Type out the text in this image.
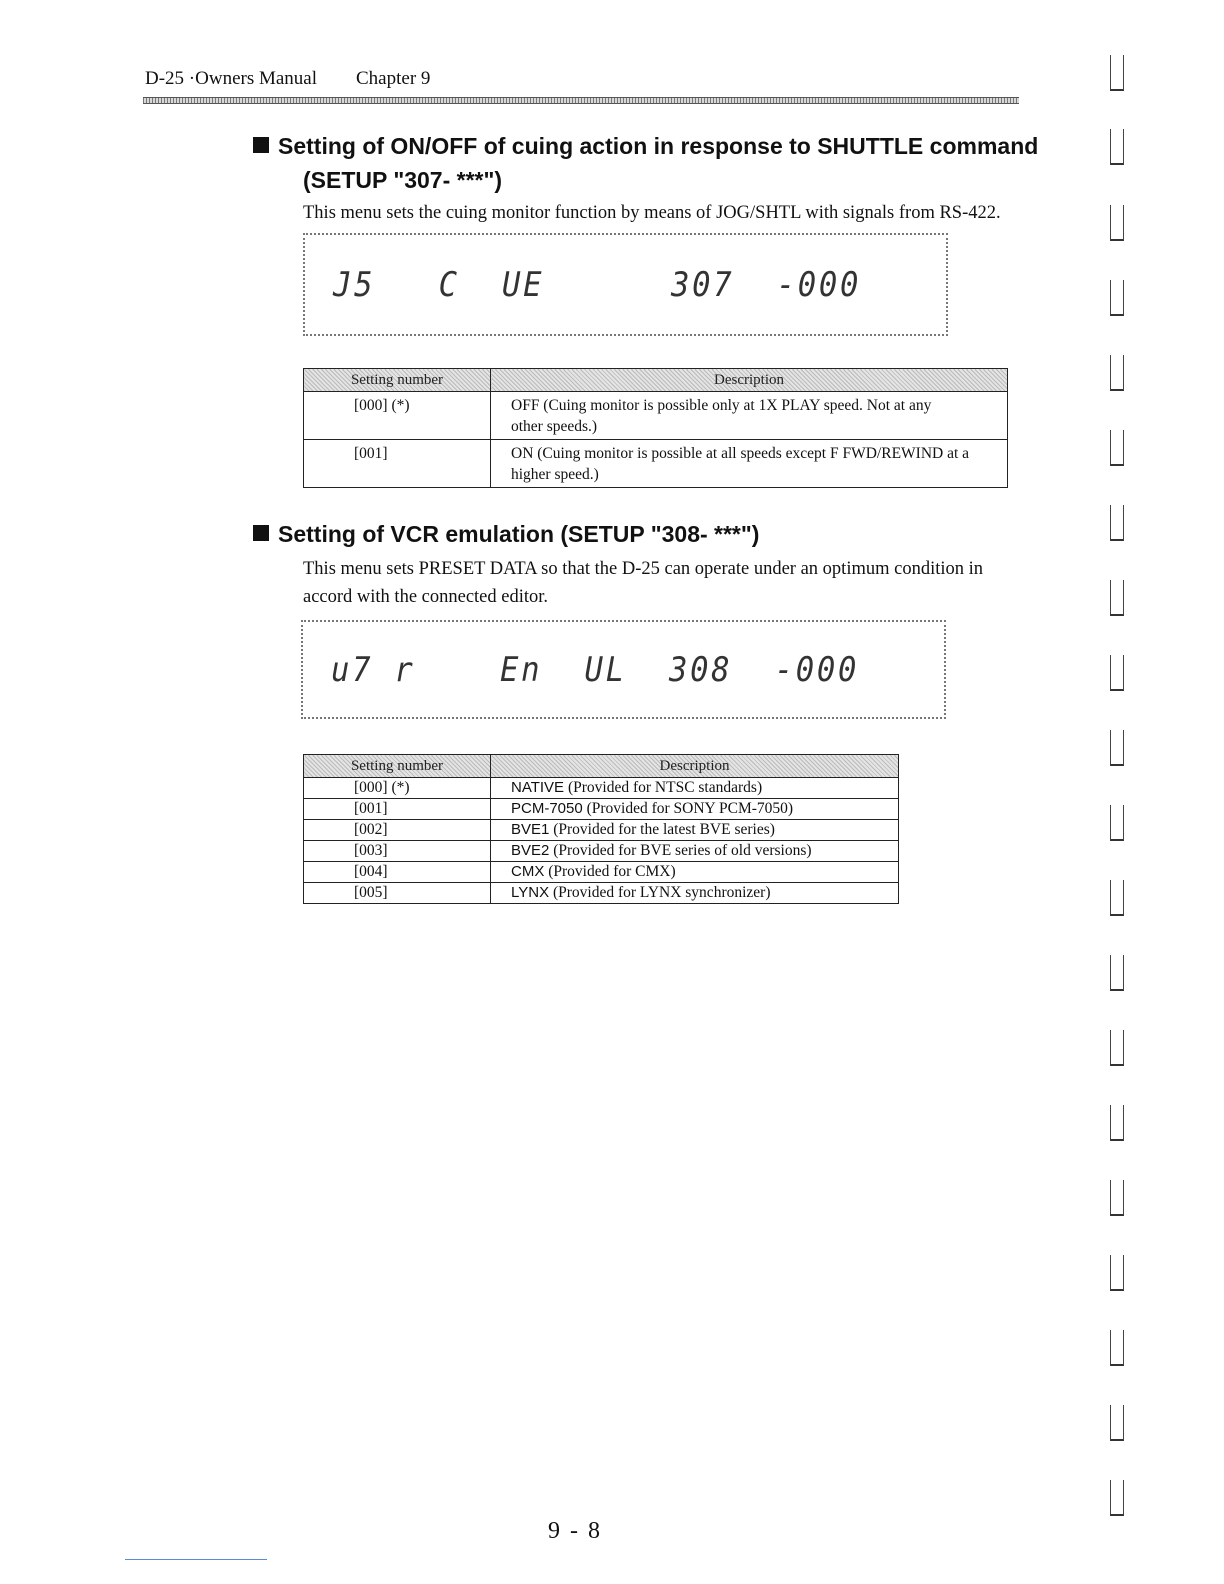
D-25 ·Owners Manual Chapter 9
Setting of ON/OFF of cuing action in response to SHUTTLE command
(SETUP "307- ***")
This menu sets the cuing monitor function by means of JOG/SHTL with signals from RS-422.
J5   C  UE      307  -000
Setting number	Description
[000] (*)	OFF (Cuing monitor is possible only at 1X PLAY speed. Not at any
other speeds.)

[001]	ON (Cuing monitor is possible at all speeds except F FWD/REWIND at a
higher speed.)
Setting of VCR emulation (SETUP "308- ***")
This menu sets PRESET DATA so that the D-25 can operate under an optimum condition in
accord with the connected editor.
u7 r    En  UL  308  -000
Setting number	Description
[000] (*)	NATIVE (Provided for NTSC standards)
[001]	PCM-7050 (Provided for SONY PCM-7050)
[002]	BVE1 (Provided for the latest BVE series)
[003]	BVE2 (Provided for BVE series of old versions)
[004]	CMX (Provided for CMX)
[005]	LYNX (Provided for LYNX synchronizer)
9 - 8
